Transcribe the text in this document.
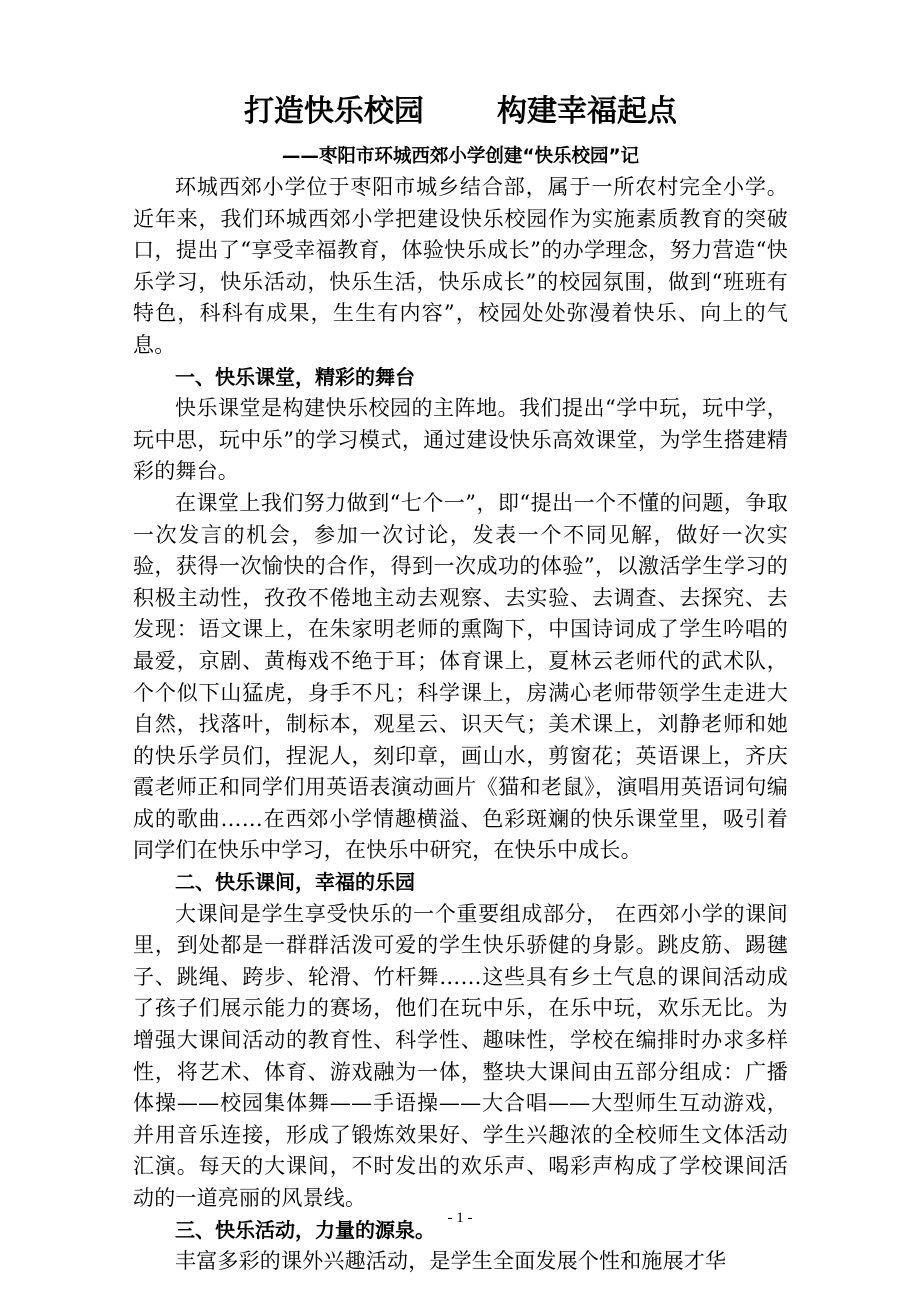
打造快乐校园       构建幸福起点
——枣阳市环城西郊小学创建“快乐校园”记

环城西郊小学位于枣阳市城乡结合部，属于一所农村完全小学。近年来，我们环城西郊小学把建设快乐校园作为实施素质教育的突破口，提出了“享受幸福教育，体验快乐成长”的办学理念，努力营造“快乐学习，快乐活动，快乐生活，快乐成长”的校园氛围，做到“班班有特色，科科有成果，生生有内容”，校园处处弥漫着快乐、向上的气息。

一、快乐课堂，精彩的舞台

快乐课堂是构建快乐校园的主阵地。我们提出“学中玩，玩中学，玩中思，玩中乐”的学习模式，通过建设快乐高效课堂，为学生搭建精彩的舞台。

在课堂上我们努力做到“七个一”，即“提出一个不懂的问题，争取一次发言的机会，参加一次讨论，发表一个不同见解，做好一次实验，获得一次愉快的合作，得到一次成功的体验”，以激活学生学习的积极主动性，孜孜不倦地主动去观察、去实验、去调查、去探究、去发现：语文课上，在朱家明老师的熏陶下，中国诗词成了学生吟唱的最爱，京剧、黄梅戏不绝于耳；体育课上，夏林云老师代的武术队，个个似下山猛虎，身手不凡；科学课上，房满心老师带领学生走进大自然，找落叶，制标本，观星云、识天气；美术课上，刘静老师和她的快乐学员们，捏泥人，刻印章，画山水，剪窗花；英语课上，齐庆霞老师正和同学们用英语表演动画片《猫和老鼠》，演唱用英语词句编成的歌曲……在西郊小学情趣横溢、色彩斑斓的快乐课堂里，吸引着同学们在快乐中学习，在快乐中研究，在快乐中成长。

二、快乐课间，幸福的乐园

大课间是学生享受快乐的一个重要组成部分， 在西郊小学的课间里，到处都是一群群活泼可爱的学生快乐骄健的身影。跳皮筋、踢毽子、跳绳、跨步、轮滑、竹杆舞……这些具有乡土气息的课间活动成了孩子们展示能力的赛场，他们在玩中乐，在乐中玩，欢乐无比。为增强大课间活动的教育性、科学性、趣味性，学校在编排时办求多样性，将艺术、体育、游戏融为一体，整块大课间由五部分组成：广播体操——校园集体舞——手语操——大合唱——大型师生互动游戏，并用音乐连接，形成了锻炼效果好、学生兴趣浓的全校师生文体活动汇演。每天的大课间，不时发出的欢乐声、喝彩声构成了学校课间活动的一道亮丽的风景线。

三、快乐活动，力量的源泉。

丰富多彩的课外兴趣活动，是学生全面发展个性和施展才华

- 1 -
